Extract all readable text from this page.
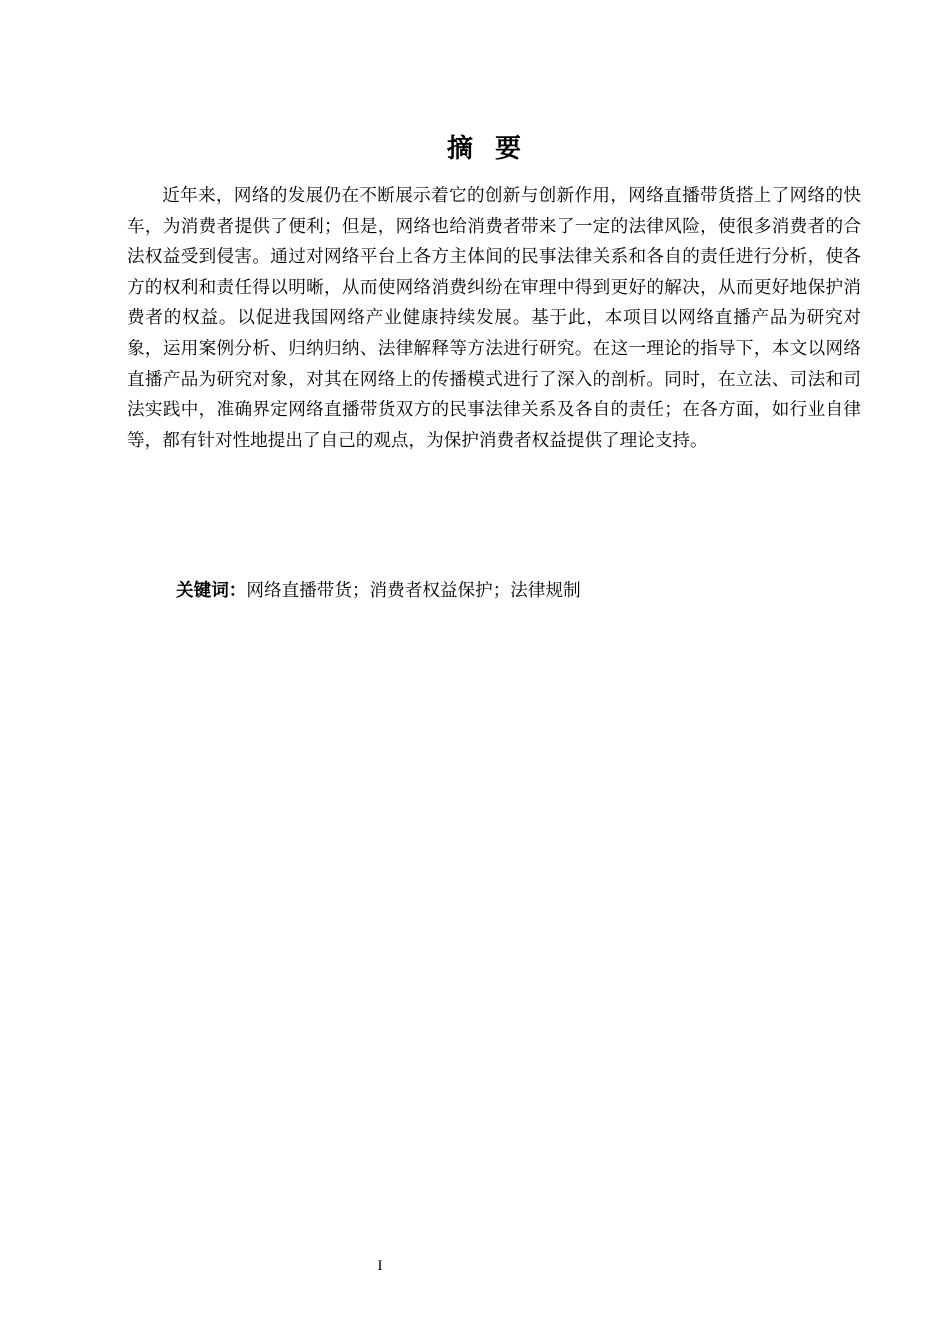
摘要

近年来，网络的发展仍在不断展示着它的创新与创新作用，网络直播带货搭上了网络的快车，为消费者提供了便利；但是，网络也给消费者带来了一定的法律风险，使很多消费者的合法权益受到侵害。通过对网络平台上各方主体间的民事法律关系和各自的责任进行分析，使各方的权利和责任得以明晰，从而使网络消费纠纷在审理中得到更好的解决，从而更好地保护消费者的权益。以促进我国网络产业健康持续发展。基于此，本项目以网络直播产品为研究对象，运用案例分析、归纳归纳、法律解释等方法进行研究。在这一理论的指导下，本文以网络直播产品为研究对象，对其在网络上的传播模式进行了深入的剖析。同时，在立法、司法和司法实践中，准确界定网络直播带货双方的民事法律关系及各自的责任；在各方面，如行业自律等，都有针对性地提出了自己的观点，为保护消费者权益提供了理论支持。

关键词：网络直播带货；消费者权益保护；法律规制

I
